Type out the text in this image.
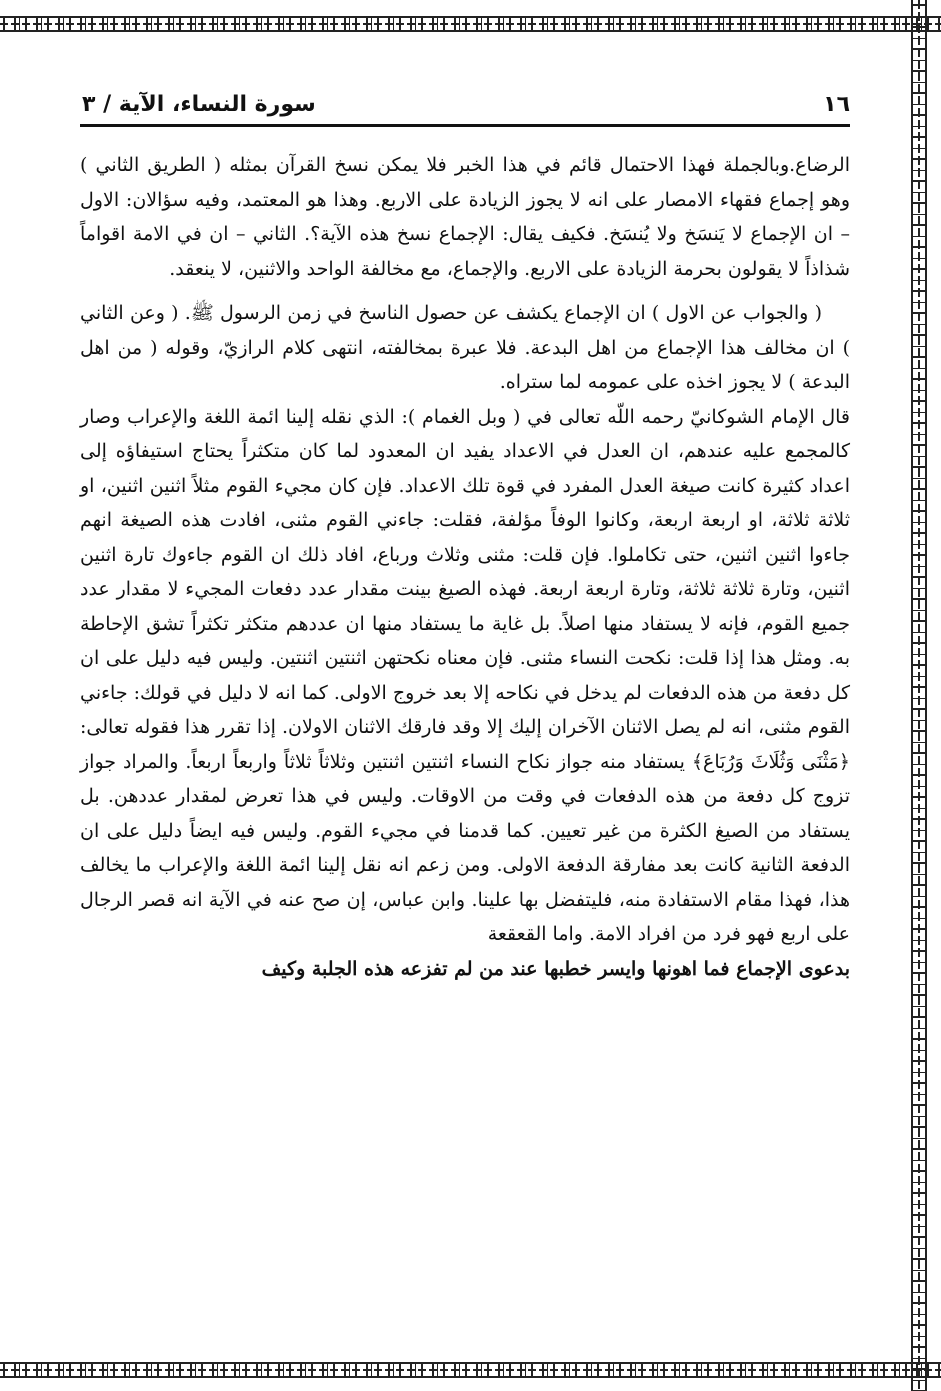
١٦
سورة النساء، الآية / ٣

الرضاع.وبالجملة فهذا الاحتمال قائم في هذا الخبر فلا يمكن نسخ القرآن بمثله ( الطريق الثاني ) وهو إجماع فقهاء الامصار على انه لا يجوز الزيادة على الاربع. وهذا هو المعتمد، وفيه سؤالان: الاول – ان الإجماع لا يَنسَخ ولا يُنسَخ. فكيف يقال: الإجماع نسخ هذه الآية؟. الثاني – ان في الامة اقواماً شذاذاً لا يقولون بحرمة الزيادة على الاربع. والإجماع، مع مخالفة الواحد والاثنين، لا ينعقد.

( والجواب عن الاول ) ان الإجماع يكشف عن حصول الناسخ في زمن الرسول ﷺ. ( وعن الثاني ) ان مخالف هذا الإجماع من اهل البدعة. فلا عبرة بمخالفته، انتهى كلام الرازيّ، وقوله ( من اهل البدعة ) لا يجوز اخذه على عمومه لما ستراه.

قال الإمام الشوكانيّ رحمه اللّه تعالى في ( وبل الغمام ): الذي نقله إلينا ائمة اللغة والإعراب وصار كالمجمع عليه عندهم، ان العدل في الاعداد يفيد ان المعدود لما كان متكثراً يحتاج استيفاؤه إلى اعداد كثيرة كانت صيغة العدل المفرد في قوة تلك الاعداد. فإن كان مجيء القوم مثلاً اثنين اثنين، او ثلاثة ثلاثة، او اربعة اربعة، وكانوا الوفاً مؤلفة، فقلت: جاءني القوم مثنى، افادت هذه الصيغة انهم جاءوا اثنين اثنين، حتى تكاملوا. فإن قلت: مثنى وثلاث ورباع، افاد ذلك ان القوم جاءوك تارة اثنين اثنين، وتارة ثلاثة ثلاثة، وتارة اربعة اربعة. فهذه الصيغ بينت مقدار عدد دفعات المجيء لا مقدار عدد جميع القوم، فإنه لا يستفاد منها اصلاً. بل غاية ما يستفاد منها ان عددهم متكثر تكثراً تشق الإحاطة به. ومثل هذا إذا قلت: نكحت النساء مثنى. فإن معناه نكحتهن اثنتين اثنتين. وليس فيه دليل على ان كل دفعة من هذه الدفعات لم يدخل في نكاحه إلا بعد خروج الاولى. كما انه لا دليل في قولك: جاءني القوم مثنى، انه لم يصل الاثنان الآخران إليك إلا وقد فارقك الاثنان الاولان. إذا تقرر هذا فقوله تعالى: ﴿مَثْنَى وَثُلَاثَ وَرُبَاعَ﴾ يستفاد منه جواز نكاح النساء اثنتين اثنتين وثلاثاً ثلاثاً واربعاً اربعاً. والمراد جواز تزوج كل دفعة من هذه الدفعات في وقت من الاوقات. وليس في هذا تعرض لمقدار عددهن. بل يستفاد من الصيغ الكثرة من غير تعيين. كما قدمنا في مجيء القوم. وليس فيه ايضاً دليل على ان الدفعة الثانية كانت بعد مفارقة الدفعة الاولى. ومن زعم انه نقل إلينا ائمة اللغة والإعراب ما يخالف هذا، فهذا مقام الاستفادة منه، فليتفضل بها علينا. وابن عباس، إن صح عنه في الآية انه قصر الرجال على اربع فهو فرد من افراد الامة. واما القعقعة

بدعوى الإجماع فما اهونها وايسر خطبها عند من لم تفزعه هذه الجلبة وكيف
